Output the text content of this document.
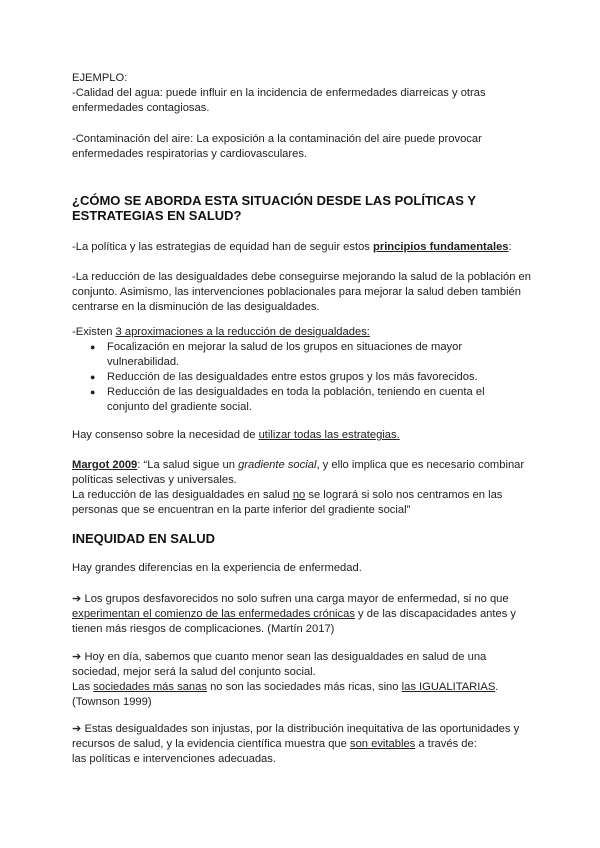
EJEMPLO:

-Calidad del agua: puede influir en la incidencia de enfermedades diarreicas y otras

enfermedades contagiosas.

-Contaminación del aire: La exposición a la contaminación del aire puede provocar

enfermedades respiratorias y cardiovasculares.

¿CÓMO SE ABORDA ESTA SITUACIÓN DESDE LAS POLÍTICAS Y

ESTRATEGIAS EN SALUD?

-La política y las estrategias de equidad han de seguir estos principios fundamentales:

-La reducción de las desigualdades debe conseguirse mejorando la salud de la población en

conjunto. Asimismo, las intervenciones poblacionales para mejorar la salud deben también

centrarse en la disminución de las desigualdades.

-Existen 3 aproximaciones a la reducción de desigualdades:

● Focalización en mejorar la salud de los grupos en situaciones de mayor

vulnerabilidad.

● Reducción de las desigualdades entre estos grupos y los más favorecidos.

● Reducción de las desigualdades en toda la población, teniendo en cuenta el

conjunto del gradiente social.

Hay consenso sobre la necesidad de utilizar todas las estrategias.

Margot 2009: “La salud sigue un gradiente social, y ello implica que es necesario combinar

políticas selectivas y universales.

La reducción de las desigualdades en salud no se logrará si solo nos centramos en las

personas que se encuentran en la parte inferior del gradiente social”

INEQUIDAD EN SALUD

Hay grandes diferencias en la experiencia de enfermedad.

➔ Los grupos desfavorecidos no solo sufren una carga mayor de enfermedad, si no que

experimentan el comienzo de las enfermedades crónicas y de las discapacidades antes y

tienen más riesgos de complicaciones. (Martín 2017)

➔ Hoy en día, sabemos que cuanto menor sean las desigualdades en salud de una

sociedad, mejor será la salud del conjunto social.

Las sociedades más sanas no son las sociedades más ricas, sino las IGUALITARIAS.

(Townson 1999)

➔ Estas desigualdades son injustas, por la distribución inequitativa de las oportunidades y

recursos de salud, y la evidencia científica muestra que son evitables a través de:

las políticas e intervenciones adecuadas.
